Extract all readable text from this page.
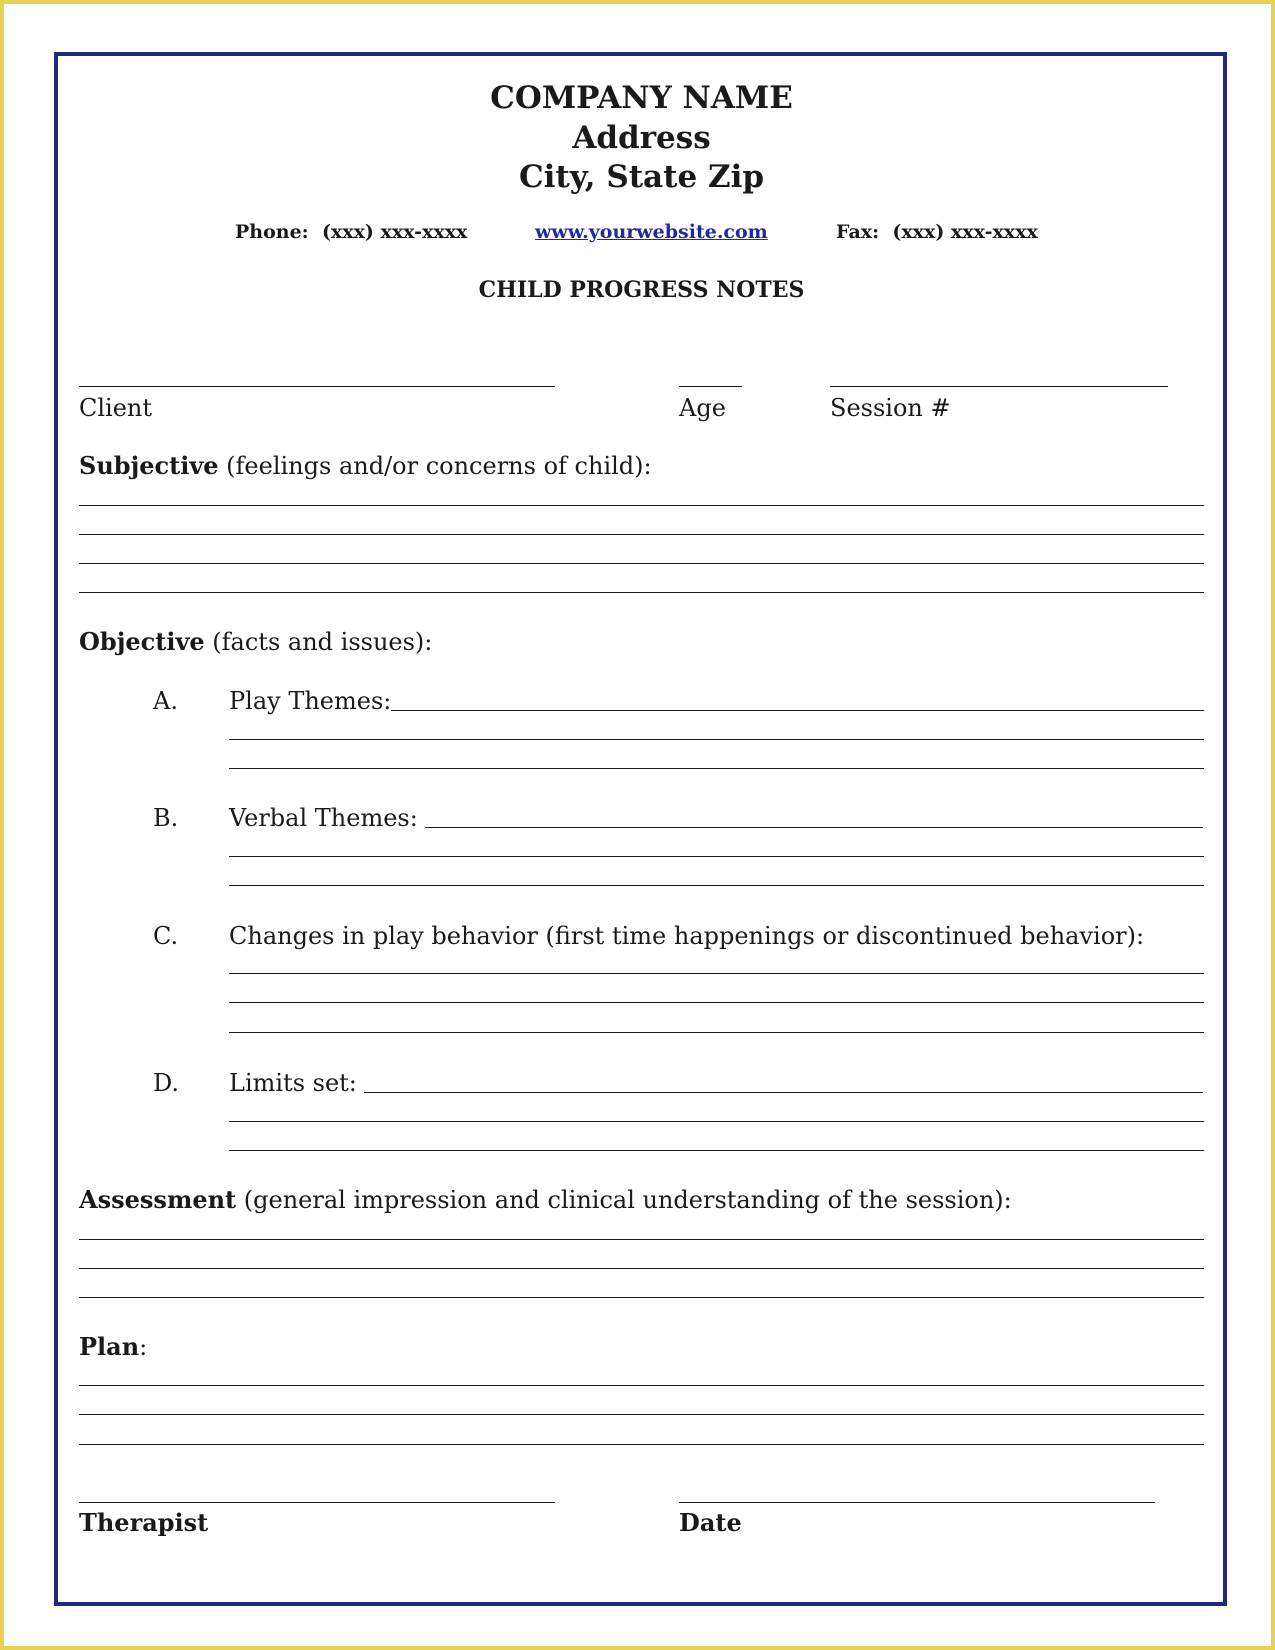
COMPANY NAME
Address
City, State Zip
Phone: (xxx) xxx-xxxx	www.yourwebsite.com	Fax: (xxx) xxx-xxxx
CHILD PROGRESS NOTES
Client	Age	Session #
Subjective (feelings and/or concerns of child):
Objective (facts and issues):
A. Play Themes:
B. Verbal Themes:
C. Changes in play behavior (first time happenings or discontinued behavior):
D. Limits set:
Assessment (general impression and clinical understanding of the session):
Plan:
Therapist	Date
